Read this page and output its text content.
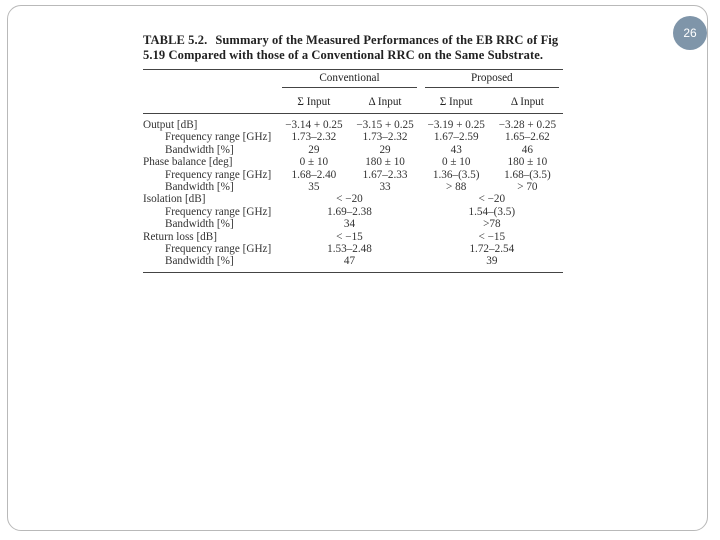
26

TABLE 5.2. Summary of the Measured Performances of the EB RRC of Fig 5.19 Compared with those of a Conventional RRC on the Same Substrate.

	Conventional		Proposed	

	Σ Input	Δ Input	Σ Input	Δ Input
Output [dB]	−3.14 + 0.25	−3.15 + 0.25	−3.19 + 0.25	−3.28 + 0.25
Frequency range [GHz]	1.73–2.32	1.73–2.32	1.67–2.59	1.65–2.62
Bandwidth [%]	29	29	43	46
Phase balance [deg]	0 ± 10	180 ± 10	0 ± 10	180 ± 10
Frequency range [GHz]	1.68–2.40	1.67–2.33	1.36–(3.5)	1.68–(3.5)
Bandwidth [%]	35	33	> 88	> 70
Isolation [dB]	< −20		< −20	
Frequency range [GHz]	1.69–2.38		1.54–(3.5)	
Bandwidth [%]	34		>78	
Return loss [dB]	< −15		< −15	
Frequency range [GHz]	1.53–2.48		1.72–2.54	
Bandwidth [%]	47		39	
